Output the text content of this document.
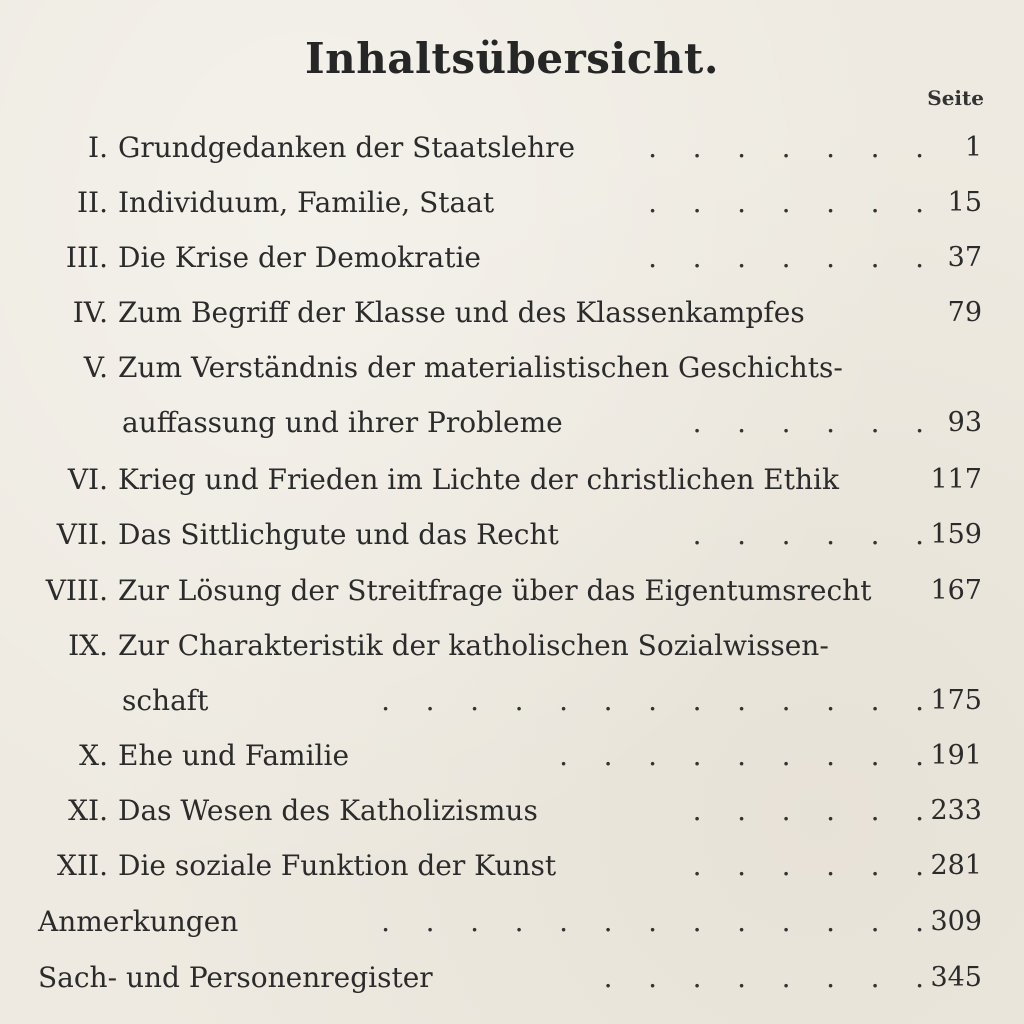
Inhaltsübersicht.
Seite
I. Grundgedanken der Staatslehre	.    .    .    .    .    .    . 1
II. Individuum, Familie, Staat	.    .    .    .    .    .    . 15
III. Die Krise der Demokratie	.    .    .    .    .    .    . 37
IV. Zum Begriff der Klasse und des Klassenkampfes	79
V. Zum Verständnis der materialistischen Geschichts-
auffassung und ihrer Probleme	.    .    .    .    .    . 93
VI. Krieg und Frieden im Lichte der christlichen Ethik	117
VII. Das Sittlichgute und das Recht	.    .    .    .    .    . 159
VIII. Zur Lösung der Streitfrage über das Eigentumsrecht 167
IX. Zur Charakteristik der katholischen Sozialwissen-
schaft	.    .    .    .    .    .    .    .    .    .    .    .    . 175
X. Ehe und Familie	.    .    .    .    .    .    .    .    . 191
XI. Das Wesen des Katholizismus	.    .    .    .    .    . 233
XII. Die soziale Funktion der Kunst	.    .    .    .    .    . 281
Anmerkungen	.    .    .    .    .    .    .    .    .    .    .    .    . 309
Sach- und Personenregister	.    .    .    .    .    .    .    . 345
